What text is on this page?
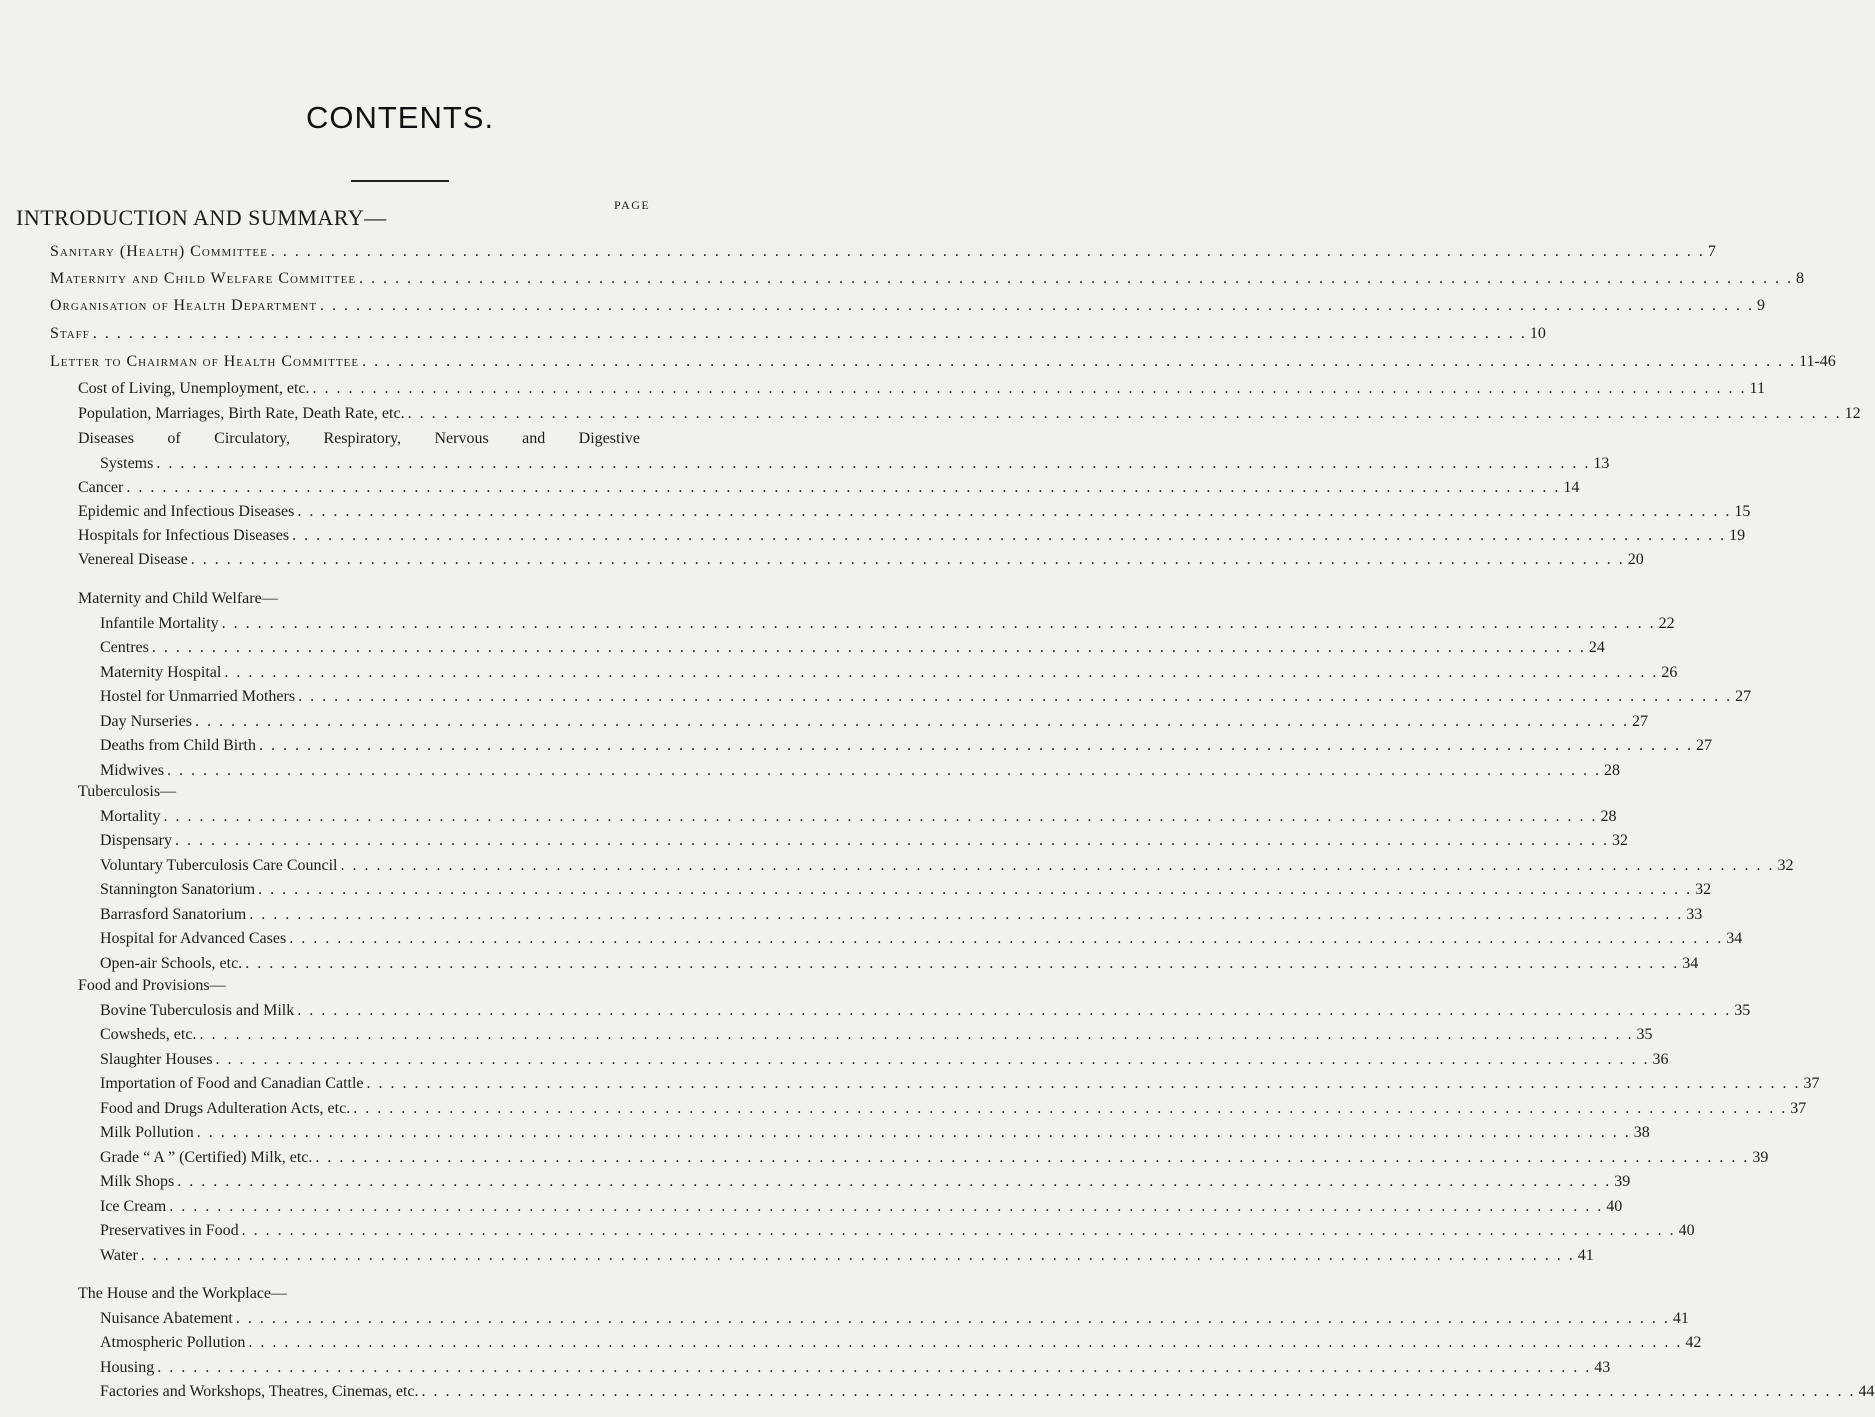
CONTENTS.
PAGE
INTRODUCTION AND SUMMARY—
Sanitary (Health) Committee . . . . . . . . . . . . . . . . . . . . . . . . . . . . . . . . . . . . . . . . . . . . . . . . . . . . . . . . . . . . . . . . . . . . . . . . . . . . . . . . . . . . . . . . . . . . . . . . . . . . . . . . . . . . . . . . . . . . . . . . 7
Maternity and Child Welfare Committee . . . . . . . . . . . . . . . . . . . . . . . . . . . . . . . . . . . . . . . . . . . . . . . . . . . . . . . . . . . . . . . . . . . . . . . . . . . . . . . . . . . . . . . . . . . . . . . . . . . . . . . . . . . . . . . . . . . . . . . . 8
Organisation of Health Department . . . . . . . . . . . . . . . . . . . . . . . . . . . . . . . . . . . . . . . . . . . . . . . . . . . . . . . . . . . . . . . . . . . . . . . . . . . . . . . . . . . . . . . . . . . . . . . . . . . . . . . . . . . . . . . . . . . . . . . . 9
Staff . . . . . . . . . . . . . . . . . . . . . . . . . . . . . . . . . . . . . . . . . . . . . . . . . . . . . . . . . . . . . . . . . . . . . . . . . . . . . . . . . . . . . . . . . . . . . . . . . . . . . . . . . . . . . . . . . . . . . . . . 10
Letter to Chairman of Health Committee . . . . . . . . . . . . . . . . . . . . . . . . . . . . . . . . . . . . . . . . . . . . . . . . . . . . . . . . . . . . . . . . . . . . . . . . . . . . . . . . . . . . . . . . . . . . . . . . . . . . . . . . . . . . . . . . . . . . . . . . 11-46
Cost of Living, Unemployment, etc. . . . . . . . . . . . . . . . . . . . . . . . . . . . . . . . . . . . . . . . . . . . . . . . . . . . . . . . . . . . . . . . . . . . . . . . . . . . . . . . . . . . . . . . . . . . . . . . . . . . . . . . . . . . . . . . . . . . . . . . . 11
Population, Marriages, Birth Rate, Death Rate, etc. . . . . . . . . . . . . . . . . . . . . . . . . . . . . . . . . . . . . . . . . . . . . . . . . . . . . . . . . . . . . . . . . . . . . . . . . . . . . . . . . . . . . . . . . . . . . . . . . . . . . . . . . . . . . . . . . . . . . . . . . 12
Diseases of Circulatory, Respiratory, Nervous and Digestive
Systems . . . . . . . . . . . . . . . . . . . . . . . . . . . . . . . . . . . . . . . . . . . . . . . . . . . . . . . . . . . . . . . . . . . . . . . . . . . . . . . . . . . . . . . . . . . . . . . . . . . . . . . . . . . . . . . . . . . . . . . . 13
Cancer . . . . . . . . . . . . . . . . . . . . . . . . . . . . . . . . . . . . . . . . . . . . . . . . . . . . . . . . . . . . . . . . . . . . . . . . . . . . . . . . . . . . . . . . . . . . . . . . . . . . . . . . . . . . . . . . . . . . . . . . 14
Epidemic and Infectious Diseases . . . . . . . . . . . . . . . . . . . . . . . . . . . . . . . . . . . . . . . . . . . . . . . . . . . . . . . . . . . . . . . . . . . . . . . . . . . . . . . . . . . . . . . . . . . . . . . . . . . . . . . . . . . . . . . . . . . . . . . . 15
Hospitals for Infectious Diseases . . . . . . . . . . . . . . . . . . . . . . . . . . . . . . . . . . . . . . . . . . . . . . . . . . . . . . . . . . . . . . . . . . . . . . . . . . . . . . . . . . . . . . . . . . . . . . . . . . . . . . . . . . . . . . . . . . . . . . . . 19
Venereal Disease . . . . . . . . . . . . . . . . . . . . . . . . . . . . . . . . . . . . . . . . . . . . . . . . . . . . . . . . . . . . . . . . . . . . . . . . . . . . . . . . . . . . . . . . . . . . . . . . . . . . . . . . . . . . . . . . . . . . . . . . 20
Maternity and Child Welfare—
Infantile Mortality . . . . . . . . . . . . . . . . . . . . . . . . . . . . . . . . . . . . . . . . . . . . . . . . . . . . . . . . . . . . . . . . . . . . . . . . . . . . . . . . . . . . . . . . . . . . . . . . . . . . . . . . . . . . . . . . . . . . . . . . 22
Centres . . . . . . . . . . . . . . . . . . . . . . . . . . . . . . . . . . . . . . . . . . . . . . . . . . . . . . . . . . . . . . . . . . . . . . . . . . . . . . . . . . . . . . . . . . . . . . . . . . . . . . . . . . . . . . . . . . . . . . . . 24
Maternity Hospital . . . . . . . . . . . . . . . . . . . . . . . . . . . . . . . . . . . . . . . . . . . . . . . . . . . . . . . . . . . . . . . . . . . . . . . . . . . . . . . . . . . . . . . . . . . . . . . . . . . . . . . . . . . . . . . . . . . . . . . . 26
Hostel for Unmarried Mothers . . . . . . . . . . . . . . . . . . . . . . . . . . . . . . . . . . . . . . . . . . . . . . . . . . . . . . . . . . . . . . . . . . . . . . . . . . . . . . . . . . . . . . . . . . . . . . . . . . . . . . . . . . . . . . . . . . . . . . . . 27
Day Nurseries . . . . . . . . . . . . . . . . . . . . . . . . . . . . . . . . . . . . . . . . . . . . . . . . . . . . . . . . . . . . . . . . . . . . . . . . . . . . . . . . . . . . . . . . . . . . . . . . . . . . . . . . . . . . . . . . . . . . . . . . 27
Deaths from Child Birth . . . . . . . . . . . . . . . . . . . . . . . . . . . . . . . . . . . . . . . . . . . . . . . . . . . . . . . . . . . . . . . . . . . . . . . . . . . . . . . . . . . . . . . . . . . . . . . . . . . . . . . . . . . . . . . . . . . . . . . . 27
Midwives . . . . . . . . . . . . . . . . . . . . . . . . . . . . . . . . . . . . . . . . . . . . . . . . . . . . . . . . . . . . . . . . . . . . . . . . . . . . . . . . . . . . . . . . . . . . . . . . . . . . . . . . . . . . . . . . . . . . . . . . 28
Tuberculosis—
Mortality . . . . . . . . . . . . . . . . . . . . . . . . . . . . . . . . . . . . . . . . . . . . . . . . . . . . . . . . . . . . . . . . . . . . . . . . . . . . . . . . . . . . . . . . . . . . . . . . . . . . . . . . . . . . . . . . . . . . . . . . 28
Dispensary . . . . . . . . . . . . . . . . . . . . . . . . . . . . . . . . . . . . . . . . . . . . . . . . . . . . . . . . . . . . . . . . . . . . . . . . . . . . . . . . . . . . . . . . . . . . . . . . . . . . . . . . . . . . . . . . . . . . . . . . 32
Voluntary Tuberculosis Care Council . . . . . . . . . . . . . . . . . . . . . . . . . . . . . . . . . . . . . . . . . . . . . . . . . . . . . . . . . . . . . . . . . . . . . . . . . . . . . . . . . . . . . . . . . . . . . . . . . . . . . . . . . . . . . . . . . . . . . . . . 32
Stannington Sanatorium . . . . . . . . . . . . . . . . . . . . . . . . . . . . . . . . . . . . . . . . . . . . . . . . . . . . . . . . . . . . . . . . . . . . . . . . . . . . . . . . . . . . . . . . . . . . . . . . . . . . . . . . . . . . . . . . . . . . . . . . 32
Barrasford Sanatorium . . . . . . . . . . . . . . . . . . . . . . . . . . . . . . . . . . . . . . . . . . . . . . . . . . . . . . . . . . . . . . . . . . . . . . . . . . . . . . . . . . . . . . . . . . . . . . . . . . . . . . . . . . . . . . . . . . . . . . . . 33
Hospital for Advanced Cases . . . . . . . . . . . . . . . . . . . . . . . . . . . . . . . . . . . . . . . . . . . . . . . . . . . . . . . . . . . . . . . . . . . . . . . . . . . . . . . . . . . . . . . . . . . . . . . . . . . . . . . . . . . . . . . . . . . . . . . . 34
Open-air Schools, etc. . . . . . . . . . . . . . . . . . . . . . . . . . . . . . . . . . . . . . . . . . . . . . . . . . . . . . . . . . . . . . . . . . . . . . . . . . . . . . . . . . . . . . . . . . . . . . . . . . . . . . . . . . . . . . . . . . . . . . . . . 34
Food and Provisions—
Bovine Tuberculosis and Milk . . . . . . . . . . . . . . . . . . . . . . . . . . . . . . . . . . . . . . . . . . . . . . . . . . . . . . . . . . . . . . . . . . . . . . . . . . . . . . . . . . . . . . . . . . . . . . . . . . . . . . . . . . . . . . . . . . . . . . . . 35
Cowsheds, etc. . . . . . . . . . . . . . . . . . . . . . . . . . . . . . . . . . . . . . . . . . . . . . . . . . . . . . . . . . . . . . . . . . . . . . . . . . . . . . . . . . . . . . . . . . . . . . . . . . . . . . . . . . . . . . . . . . . . . . . . . 35
Slaughter Houses . . . . . . . . . . . . . . . . . . . . . . . . . . . . . . . . . . . . . . . . . . . . . . . . . . . . . . . . . . . . . . . . . . . . . . . . . . . . . . . . . . . . . . . . . . . . . . . . . . . . . . . . . . . . . . . . . . . . . . . . 36
Importation of Food and Canadian Cattle . . . . . . . . . . . . . . . . . . . . . . . . . . . . . . . . . . . . . . . . . . . . . . . . . . . . . . . . . . . . . . . . . . . . . . . . . . . . . . . . . . . . . . . . . . . . . . . . . . . . . . . . . . . . . . . . . . . . . . . . 37
Food and Drugs Adulteration Acts, etc. . . . . . . . . . . . . . . . . . . . . . . . . . . . . . . . . . . . . . . . . . . . . . . . . . . . . . . . . . . . . . . . . . . . . . . . . . . . . . . . . . . . . . . . . . . . . . . . . . . . . . . . . . . . . . . . . . . . . . . . . 37
Milk Pollution . . . . . . . . . . . . . . . . . . . . . . . . . . . . . . . . . . . . . . . . . . . . . . . . . . . . . . . . . . . . . . . . . . . . . . . . . . . . . . . . . . . . . . . . . . . . . . . . . . . . . . . . . . . . . . . . . . . . . . . . 38
Grade “ A ” (Certified) Milk, etc. . . . . . . . . . . . . . . . . . . . . . . . . . . . . . . . . . . . . . . . . . . . . . . . . . . . . . . . . . . . . . . . . . . . . . . . . . . . . . . . . . . . . . . . . . . . . . . . . . . . . . . . . . . . . . . . . . . . . . . . . 39
Milk Shops . . . . . . . . . . . . . . . . . . . . . . . . . . . . . . . . . . . . . . . . . . . . . . . . . . . . . . . . . . . . . . . . . . . . . . . . . . . . . . . . . . . . . . . . . . . . . . . . . . . . . . . . . . . . . . . . . . . . . . . . 39
Ice Cream . . . . . . . . . . . . . . . . . . . . . . . . . . . . . . . . . . . . . . . . . . . . . . . . . . . . . . . . . . . . . . . . . . . . . . . . . . . . . . . . . . . . . . . . . . . . . . . . . . . . . . . . . . . . . . . . . . . . . . . . 40
Preservatives in Food . . . . . . . . . . . . . . . . . . . . . . . . . . . . . . . . . . . . . . . . . . . . . . . . . . . . . . . . . . . . . . . . . . . . . . . . . . . . . . . . . . . . . . . . . . . . . . . . . . . . . . . . . . . . . . . . . . . . . . . . 40
Water . . . . . . . . . . . . . . . . . . . . . . . . . . . . . . . . . . . . . . . . . . . . . . . . . . . . . . . . . . . . . . . . . . . . . . . . . . . . . . . . . . . . . . . . . . . . . . . . . . . . . . . . . . . . . . . . . . . . . . . . 41
The House and the Workplace—
Nuisance Abatement . . . . . . . . . . . . . . . . . . . . . . . . . . . . . . . . . . . . . . . . . . . . . . . . . . . . . . . . . . . . . . . . . . . . . . . . . . . . . . . . . . . . . . . . . . . . . . . . . . . . . . . . . . . . . . . . . . . . . . . . 41
Atmospheric Pollution . . . . . . . . . . . . . . . . . . . . . . . . . . . . . . . . . . . . . . . . . . . . . . . . . . . . . . . . . . . . . . . . . . . . . . . . . . . . . . . . . . . . . . . . . . . . . . . . . . . . . . . . . . . . . . . . . . . . . . . . 42
Housing . . . . . . . . . . . . . . . . . . . . . . . . . . . . . . . . . . . . . . . . . . . . . . . . . . . . . . . . . . . . . . . . . . . . . . . . . . . . . . . . . . . . . . . . . . . . . . . . . . . . . . . . . . . . . . . . . . . . . . . . 43
Factories and Workshops, Theatres, Cinemas, etc. . . . . . . . . . . . . . . . . . . . . . . . . . . . . . . . . . . . . . . . . . . . . . . . . . . . . . . . . . . . . . . . . . . . . . . . . . . . . . . . . . . . . . . . . . . . . . . . . . . . . . . . . . . . . . . . . . . . . . . . . 44
